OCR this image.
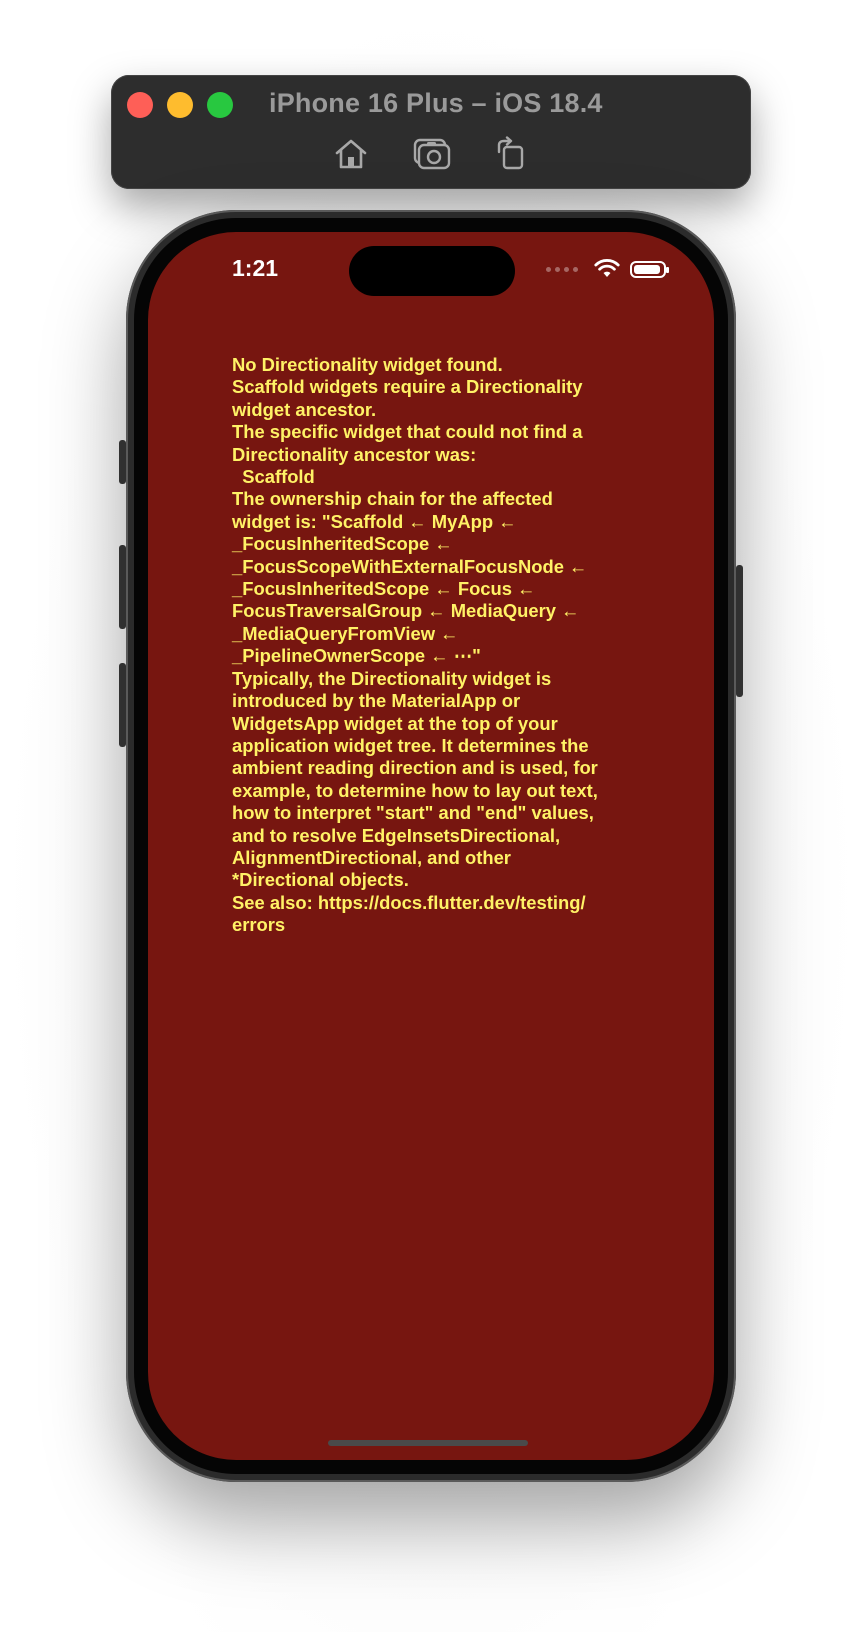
iPhone 16 Plus – iOS 18.4
1:21
No Directionality widget found.
Scaffold widgets require a Directionality
widget ancestor.
The specific widget that could not find a
Directionality ancestor was:
Scaffold
The ownership chain for the affected
widget is: "Scaffold ← MyApp ←
_FocusInheritedScope ←
_FocusScopeWithExternalFocusNode ←
_FocusInheritedScope ← Focus ←
FocusTraversalGroup ← MediaQuery ←
_MediaQueryFromView ←
_PipelineOwnerScope ← ⋯"
Typically, the Directionality widget is
introduced by the MaterialApp or
WidgetsApp widget at the top of your
application widget tree. It determines the
ambient reading direction and is used, for
example, to determine how to lay out text,
how to interpret "start" and "end" values,
and to resolve EdgeInsetsDirectional,
AlignmentDirectional, and other
*Directional objects.
See also: https://docs.flutter.dev/testing/
errors
